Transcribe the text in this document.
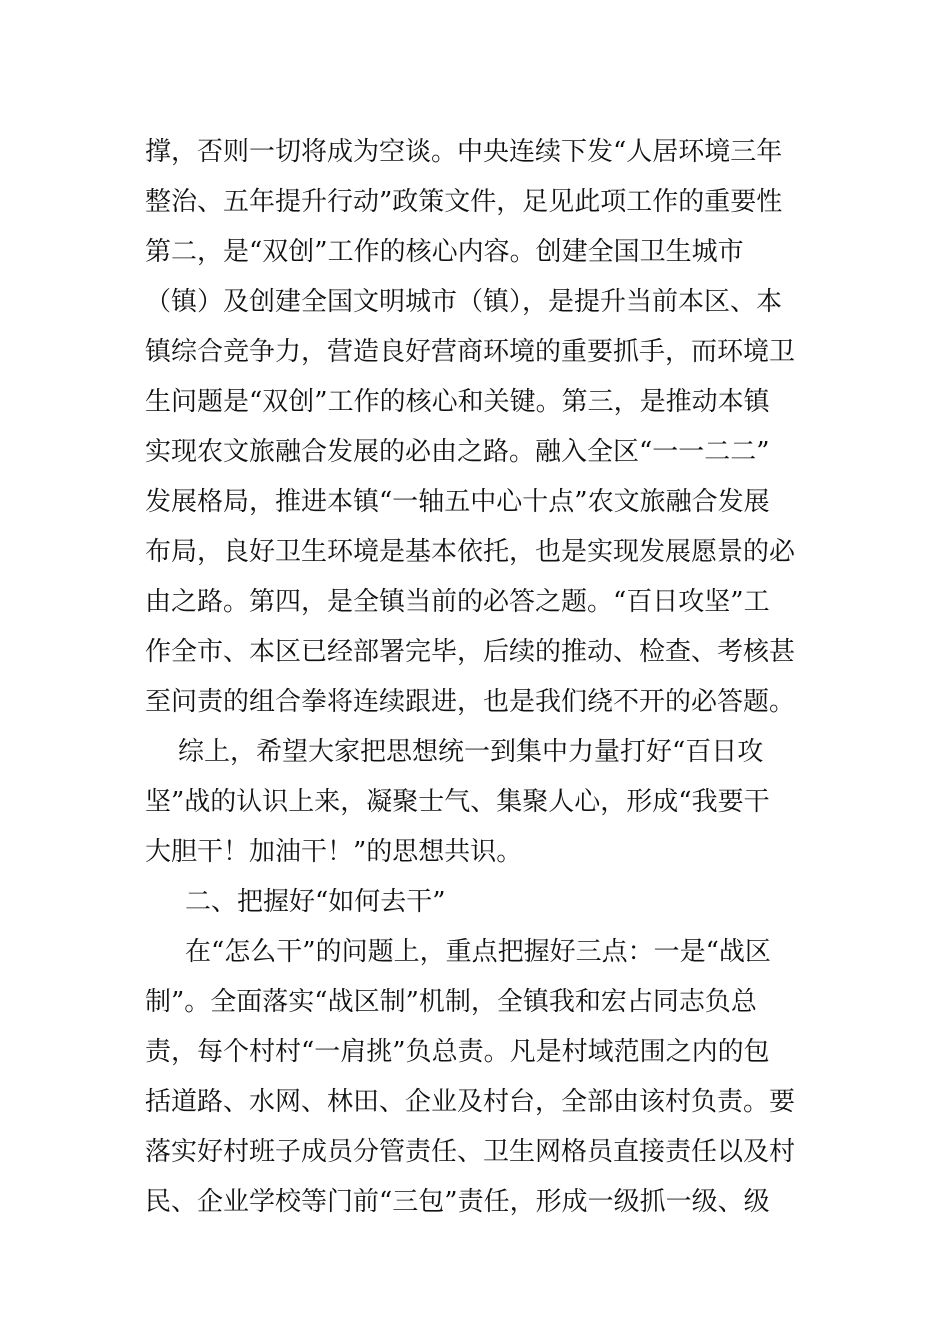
撑，否则一切将成为空谈。中央连续下发“人居环境三年
整治、五年提升行动”政策文件，足见此项工作的重要性
第二，是“双创”工作的核心内容。创建全国卫生城市
（镇）及创建全国文明城市（镇），是提升当前本区、本
镇综合竞争力，营造良好营商环境的重要抓手，而环境卫
生问题是“双创”工作的核心和关键。第三，是推动本镇
实现农文旅融合发展的必由之路。融入全区“一一二二”
发展格局，推进本镇“一轴五中心十点”农文旅融合发展
布局，良好卫生环境是基本依托，也是实现发展愿景的必
由之路。第四，是全镇当前的必答之题。“百日攻坚”工
作全市、本区已经部署完毕，后续的推动、检查、考核甚
至问责的组合拳将连续跟进，也是我们绕不开的必答题。
综上，希望大家把思想统一到集中力量打好“百日攻
坚”战的认识上来，凝聚士气、集聚人心，形成“我要干
大胆干！加油干！”的思想共识。
二、把握好“如何去干”
在“怎么干”的问题上，重点把握好三点：一是“战区
制”。全面落实“战区制”机制，全镇我和宏占同志负总
责，每个村村“一肩挑”负总责。凡是村域范围之内的包
括道路、水网、林田、企业及村台，全部由该村负责。要
落实好村班子成员分管责任、卫生网格员直接责任以及村
民、企业学校等门前“三包”责任，形成一级抓一级、级
